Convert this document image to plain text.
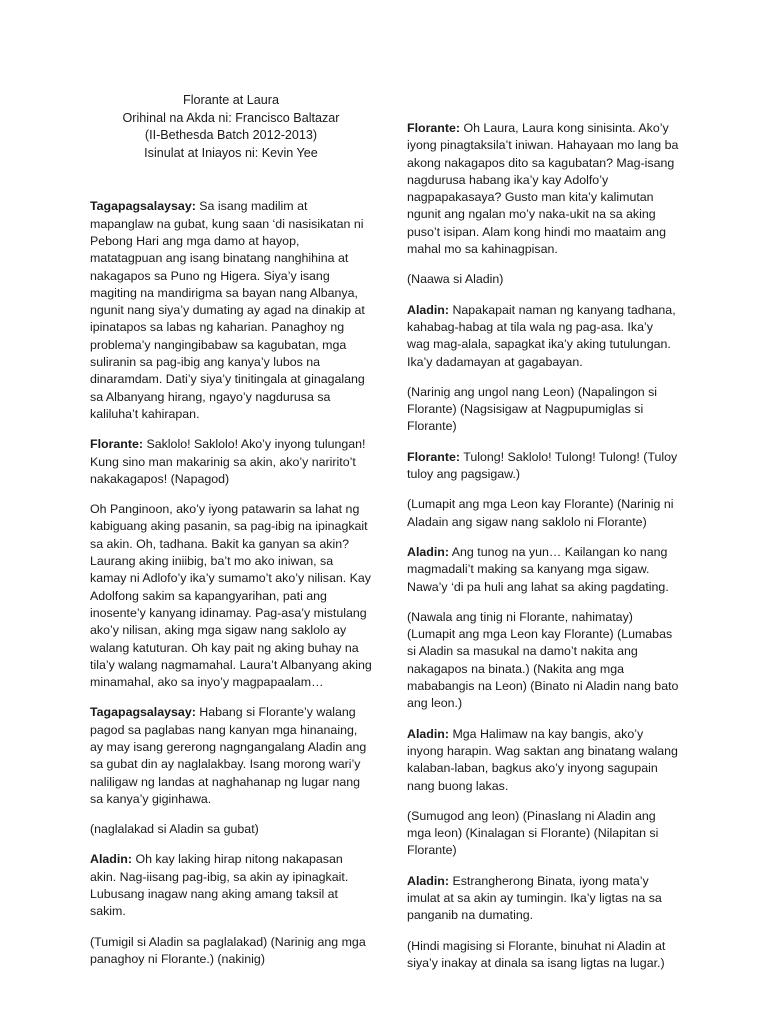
Florante at Laura
Orihinal na Akda ni: Francisco Baltazar
(II-Bethesda Batch 2012-2013)
Isinulat at Iniayos ni: Kevin Yee

Tagapagsalaysay: Sa isang madilim at mapanglaw na gubat, kung saan ‘di nasisikatan ni Pebong Hari ang mga damo at hayop, matatagpuan ang isang binatang nanghihina at nakagapos sa Puno ng Higera. Siya’y isang magiting na mandirigma sa bayan nang Albanya, ngunit nang siya’y dumating ay agad na dinakip at ipinatapos sa labas ng kaharian. Panaghoy ng problema’y nangingibabaw sa kagubatan, mga suliranin sa pag-ibig ang kanya’y lubos na dinaramdam. Dati’y siya’y tinitingala at ginagalang sa Albanyang hirang, ngayo’y nagdurusa sa kaliluha’t kahirapan.

Florante: Saklolo! Saklolo! Ako’y inyong tulungan! Kung sino man makarinig sa akin, ako’y naririto’t nakakagapos! (Napagod)

Oh Panginoon, ako’y iyong patawarin sa lahat ng kabiguang aking pasanin, sa pag-ibig na ipinagkait sa akin. Oh, tadhana. Bakit ka ganyan sa akin? Laurang aking iniibig, ba’t mo ako iniwan, sa kamay ni Adlofo’y ika’y sumamo’t ako’y nilisan. Kay Adolfong sakim sa kapangyarihan, pati ang inosente’y kanyang idinamay. Pag-asa’y mistulang ako’y nilisan, aking mga sigaw nang saklolo ay walang katuturan. Oh kay pait ng aking buhay na tila’y walang nagmamahal. Laura’t Albanyang aking minamahal, ako sa inyo’y magpapaalam…

Tagapagsalaysay: Habang si Florante’y walang pagod sa paglabas nang kanyan mga hinanaing, ay may isang gererong nagngangalang Aladin ang sa gubat din ay naglalakbay. Isang morong wari’y naliligaw ng landas at naghahanap ng lugar nang sa kanya’y giginhawa.

(naglalakad si Aladin sa gubat)

Aladin: Oh kay laking hirap nitong nakapasan akin. Nag-iisang pag-ibig, sa akin ay ipinagkait. Lubusang inagaw nang aking amang taksil at sakim.

(Tumigil si Aladin sa paglalakad) (Narinig ang mga panaghoy ni Florante.) (nakinig)

Florante: Oh Laura, Laura kong sinisinta. Ako’y iyong pinagtaksila’t iniwan. Hahayaan mo lang ba akong nakagapos dito sa kagubatan? Mag-isang nagdurusa habang ika’y kay Adolfo’y nagpapakasaya? Gusto man kita’y kalimutan ngunit ang ngalan mo’y naka-ukit na sa aking puso’t isipan. Alam kong hindi mo maataim ang mahal mo sa kahinagpisan.

(Naawa si Aladin)

Aladin: Napakapait naman ng kanyang tadhana, kahabag-habag at tila wala ng pag-asa. Ika’y wag mag-alala, sapagkat ika’y aking tutulungan. Ika’y dadamayan at gagabayan.

(Narinig ang ungol nang Leon) (Napalingon si Florante) (Nagsisigaw at Nagpupumiglas si Florante)

Florante: Tulong! Saklolo! Tulong! Tulong! (Tuloy tuloy ang pagsigaw.)

(Lumapit ang mga Leon kay Florante) (Narinig ni Aladain ang sigaw nang saklolo ni Florante)

Aladin: Ang tunog na yun… Kailangan ko nang magmadali’t making sa kanyang mga sigaw. Nawa’y ‘di pa huli ang lahat sa aking pagdating.

(Nawala ang tinig ni Florante, nahimatay) (Lumapit ang mga Leon kay Florante) (Lumabas si Aladin sa masukal na damo’t nakita ang nakagapos na binata.) (Nakita ang mga mababangis na Leon) (Binato ni Aladin nang bato ang leon.)

Aladin: Mga Halimaw na kay bangis, ako’y inyong harapin. Wag saktan ang binatang walang kalaban-laban, bagkus ako’y inyong sagupain nang buong lakas.

(Sumugod ang leon) (Pinaslang ni Aladin ang mga leon) (Kinalagan si Florante) (Nilapitan si Florante)

Aladin: Estrangherong Binata, iyong mata’y imulat at sa akin ay tumingin. Ika’y ligtas na sa panganib na dumating.

(Hindi magising si Florante, binuhat ni Aladin at siya’y inakay at dinala sa isang ligtas na lugar.)
